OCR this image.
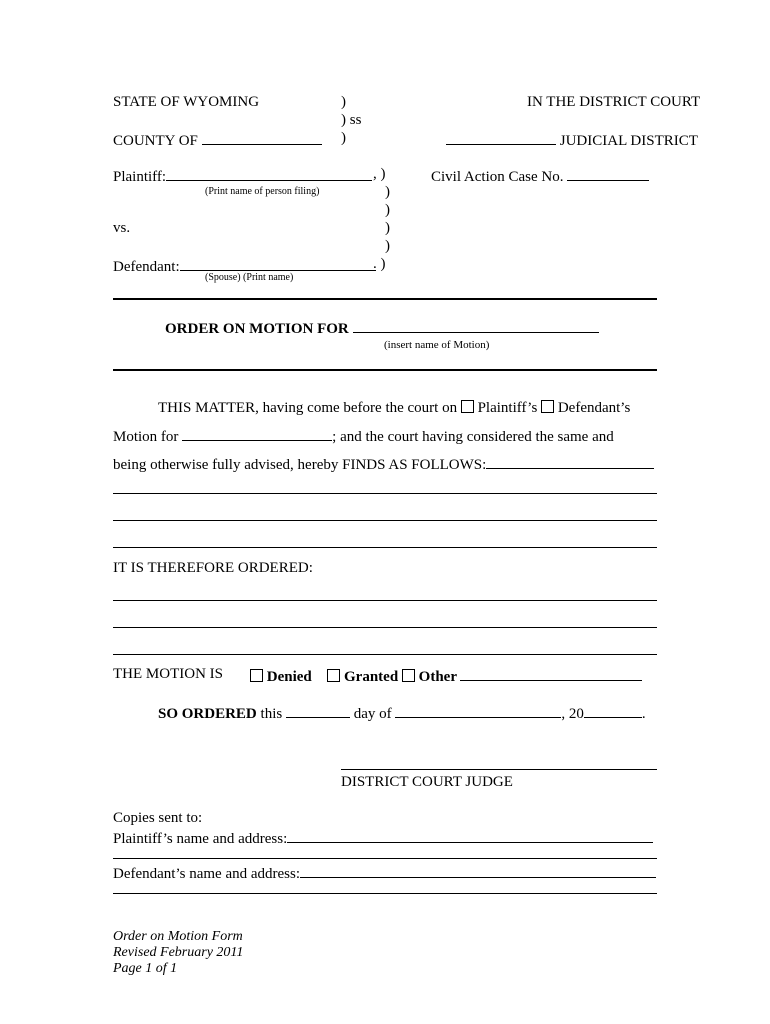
STATE OF WYOMING	)
) ss
)
IN THE DISTRICT COURT
COUNTY OF	JUDICIAL DISTRICT
Plaintiff:	, )	Civil Action Case No.
(Print name of person filing)	)
)
vs.	)
)
Defendant:	. )
(Spouse) (Print name)
ORDER ON MOTION FOR
(insert name of Motion)
THIS MATTER, having come before the court on Plaintiff’s Defendant’s
Motion for	; and the court having considered the same and
being otherwise fully advised, hereby FINDS AS FOLLOWS:
IT IS THEREFORE ORDERED:
THE MOTION IS	Denied Granted Other
SO ORDERED this	day of	, 20	.
DISTRICT COURT JUDGE
Copies sent to:
Plaintiff’s name and address:
Defendant’s name and address:
Order on Motion Form
Revised February 2011
Page 1 of 1
